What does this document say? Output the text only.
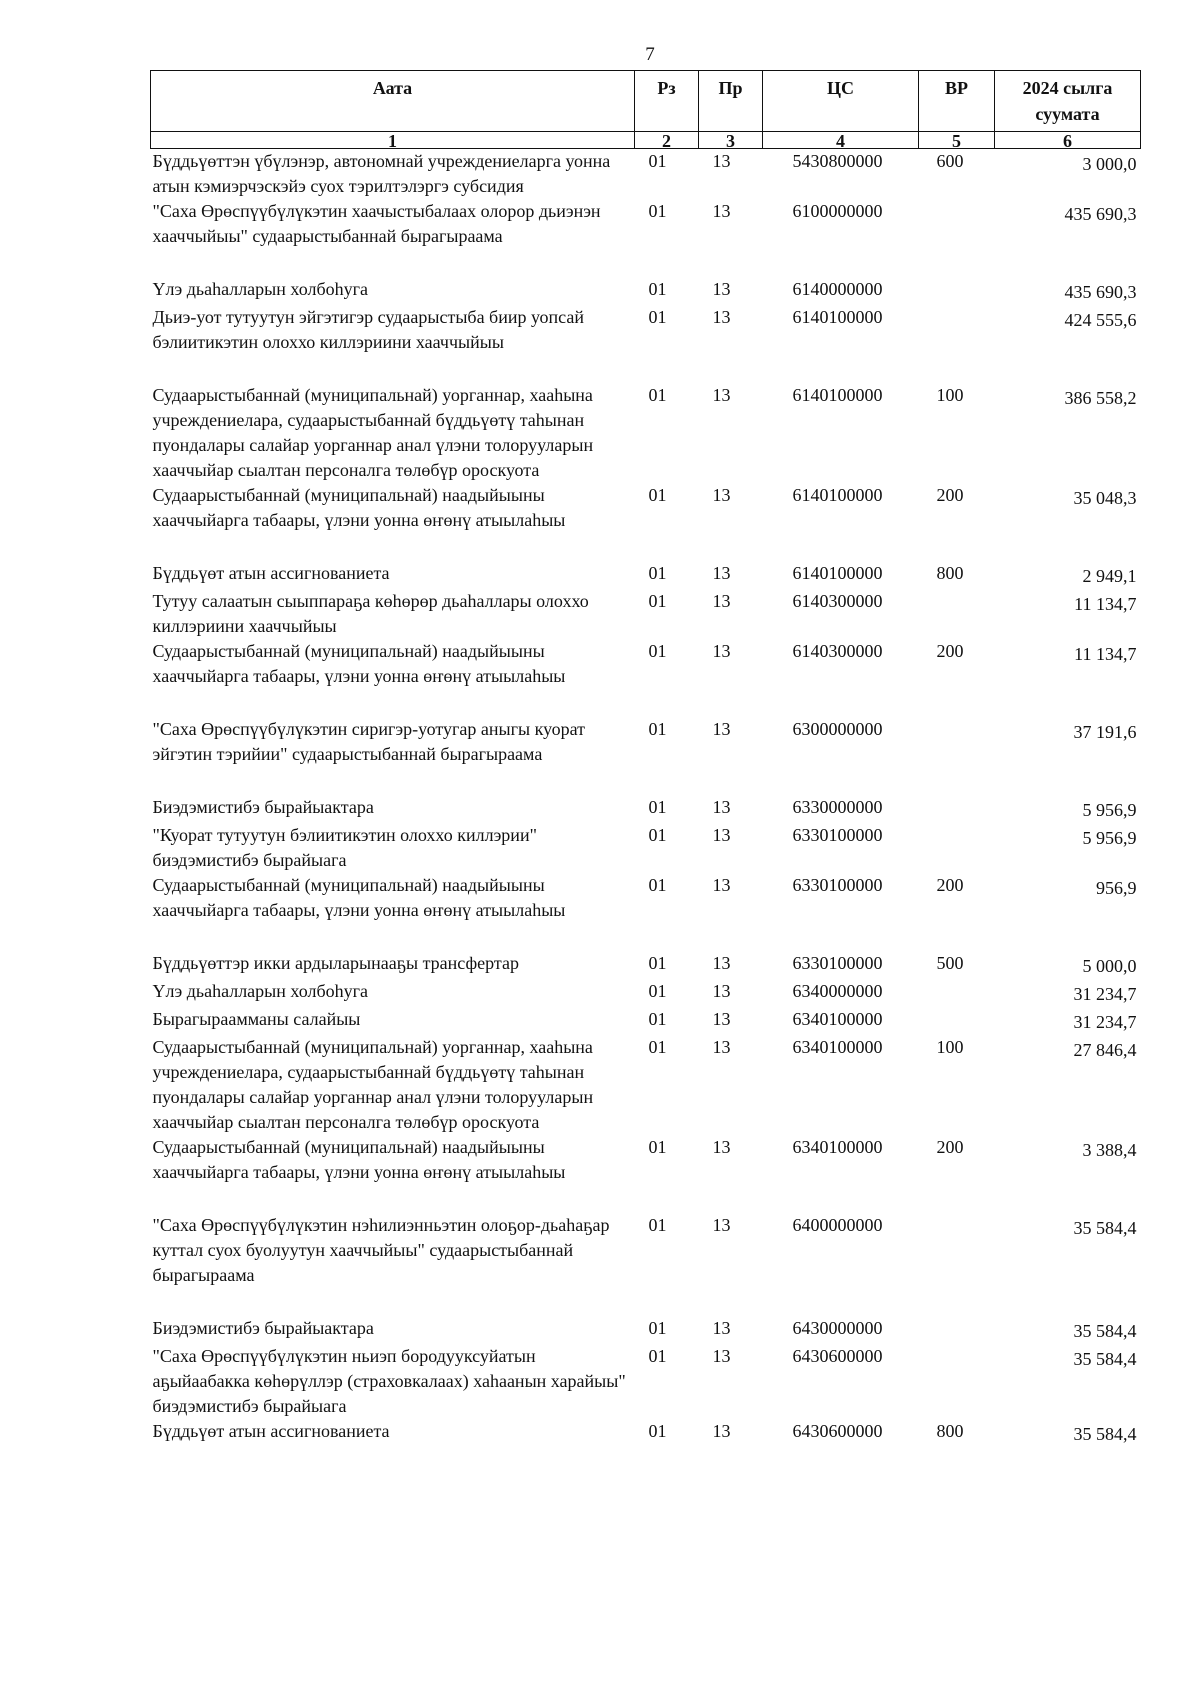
7
Аата	Рз	Пр	ЦС	ВР	2024 сылга суумата
1	2	3	4	5	6
Бүддьүөттэн үбүлэнэр, автономнай учреждениеларга уонна атын кэмиэрчэскэйэ суох тэрилтэлэргэ субсидия	01	13	5430800000	600	3 000,0
"Саха Өрөспүүбүлүкэтин хаачыстыбалаах олорор дьиэнэн хааччыйыы" судаарыстыбаннай бырагыраама	01	13	6100000000		435 690,3
Үлэ дьаһалларын холбоһуга	01	13	6140000000		435 690,3
Дьиэ-уот тутуутун эйгэтигэр судаарыстыба биир уопсай бэлиитикэтин олоххо киллэриини хааччыйыы	01	13	6140100000		424 555,6
Судаарыстыбаннай (муниципальнай) уорганнар, хааһына учреждениелара, судаарыстыбаннай бүддьүөтү таһынан пуондалары салайар уорганнар анал үлэни толорууларын хааччыйар сыалтан персоналга төлөбүр ороскуота	01	13	6140100000	100	386 558,2
Судаарыстыбаннай (муниципальнай) наадыйыыны хааччыйарга табаары, үлэни уонна өҥөнү атыылаһыы	01	13	6140100000	200	35 048,3
Бүддьүөт атын ассигнованиета	01	13	6140100000	800	2 949,1
Тутуу салаатын сыыппараҕа көһөрөр дьаһаллары олоххо киллэриини хааччыйыы	01	13	6140300000		11 134,7
Судаарыстыбаннай (муниципальнай) наадыйыыны хааччыйарга табаары, үлэни уонна өҥөнү атыылаһыы	01	13	6140300000	200	11 134,7
"Саха Өрөспүүбүлүкэтин сиригэр-уотугар аныгы куорат эйгэтин тэрийии" судаарыстыбаннай бырагыраама	01	13	6300000000		37 191,6
Биэдэмистибэ бырайыактара	01	13	6330000000		5 956,9
"Куорат тутуутун бэлиитикэтин олоххо киллэрии" биэдэмистибэ бырайыага	01	13	6330100000		5 956,9
Судаарыстыбаннай (муниципальнай) наадыйыыны хааччыйарга табаары, үлэни уонна өҥөнү атыылаһыы	01	13	6330100000	200	956,9
Бүддьүөттэр икки ардыларынааҕы трансфертар	01	13	6330100000	500	5 000,0
Үлэ дьаһалларын холбоһуга	01	13	6340000000		31 234,7
Бырагыраамманы салайыы	01	13	6340100000		31 234,7
Судаарыстыбаннай (муниципальнай) уорганнар, хааһына учреждениелара, судаарыстыбаннай бүддьүөтү таһынан пуондалары салайар уорганнар анал үлэни толорууларын хааччыйар сыалтан персоналга төлөбүр ороскуота	01	13	6340100000	100	27 846,4
Судаарыстыбаннай (муниципальнай) наадыйыыны хааччыйарга табаары, үлэни уонна өҥөнү атыылаһыы	01	13	6340100000	200	3 388,4
"Саха Өрөспүүбүлүкэтин нэһилиэнньэтин олоҕор-дьаһаҕар куттал суох буолуутун хааччыйыы" судаарыстыбаннай бырагыраама	01	13	6400000000		35 584,4
Биэдэмистибэ бырайыактара	01	13	6430000000		35 584,4
"Саха Өрөспүүбүлүкэтин ньиэп бородууксуйатын аҕыйаабакка көһөрүллэр (страховкалаах) хаһаанын харайыы" биэдэмистибэ бырайыага	01	13	6430600000		35 584,4
Бүддьүөт атын ассигнованиета	01	13	6430600000	800	35 584,4
